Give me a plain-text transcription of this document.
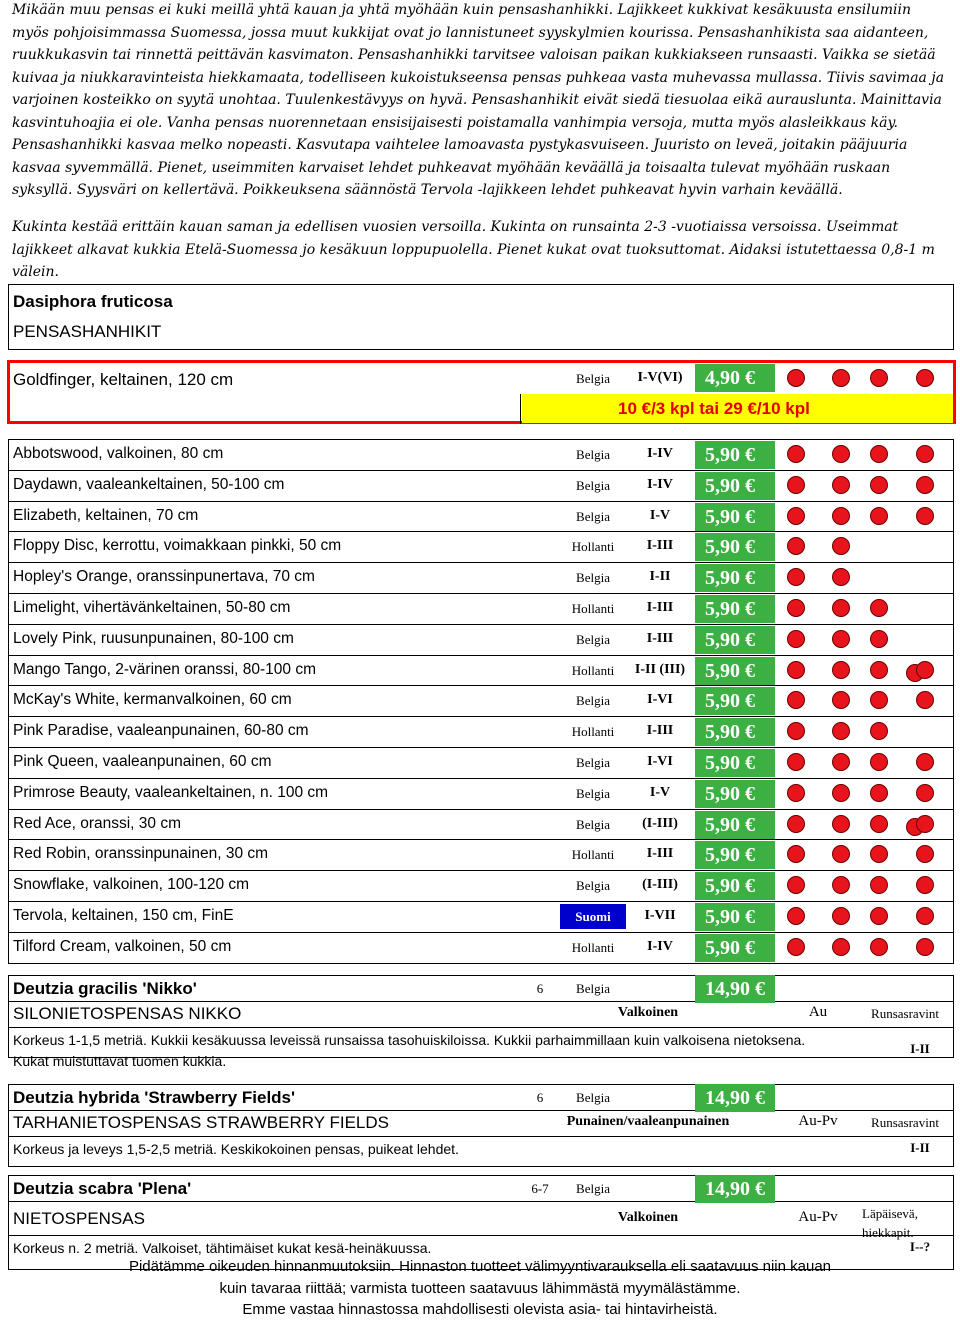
Mikään muu pensas ei kuki meillä yhtä kauan ja yhtä myöhään kuin pensashanhikki. Lajikkeet kukkivat kesäkuusta ensilumiin myös pohjoisimmassa Suomessa, jossa muut kukkijat ovat jo lannistuneet syyskylmien kourissa. Pensashanhikista saa aidanteen, ruukkukasvin tai rinnettä peittävän kasvimaton. Pensashanhikki tarvitsee valoisan paikan kukkiakseen runsaasti. Vaikka se sietää kuivaa ja niukkaravinteista hiekkamaata, todelliseen kukoistukseensa pensas puhkeaa vasta muhevassa mullassa. Tiivis savimaa ja varjoinen kosteikko on syytä unohtaa. Tuulenkestävyys on hyvä. Pensashanhikit eivät siedä tiesuolaa eikä aurauslunta. Mainittavia kasvintuhoajia ei ole. Vanha pensas nuorennetaan ensisijaisesti poistamalla vanhimpia versoja, mutta myös alasleikkaus käy. Pensashanhikki kasvaa melko nopeasti. Kasvutapa vaihtelee lamoavasta pystykasvuiseen. Juuristo on leveä, joitakin pääjuuria kasvaa syvemmällä. Pienet, useimmiten karvaiset lehdet puhkeavat myöhään keväällä ja toisaalta tulevat myöhään ruskaan syksyllä. Syysväri on kellertävä. Poikkeuksena säännöstä Tervola -lajikkeen lehdet puhkeavat hyvin varhain keväällä.
Kukinta kestää erittäin kauan saman ja edellisen vuosien versoilla. Kukinta on runsainta 2-3 -vuotiaissa versoissa. Useimmat lajikkeet alkavat kukkia Etelä-Suomessa jo kesäkuun loppupuolella. Pienet kukat ovat tuoksuttomat. Aidaksi istutettaessa 0,8-1 m välein.
Dasiphora fruticosa
PENSASHANHIKIT
Goldfinger, keltainen, 120 cm	Belgia	I-V(VI)	4,90 €
10 €/3 kpl tai 29 €/10 kpl
Abbotswood, valkoinen, 80 cm	Belgia	I-IV	5,90 €
Daydawn, vaaleankeltainen, 50-100 cm	Belgia	I-IV	5,90 €
Elizabeth, keltainen, 70 cm	Belgia	I-V	5,90 €
Floppy Disc, kerrottu, voimakkaan pinkki, 50 cm	Hollanti	I-III	5,90 €
Hopley's Orange, oranssinpunertava, 70 cm	Belgia	I-II	5,90 €
Limelight, vihertävänkeltainen, 50-80 cm	Hollanti	I-III	5,90 €
Lovely Pink, ruusunpunainen, 80-100 cm	Belgia	I-III	5,90 €
Mango Tango, 2-värinen oranssi, 80-100 cm	Hollanti	I-II (III) 5,90 €
McKay's White, kermanvalkoinen, 60 cm	Belgia	I-VI	5,90 €
Pink Paradise, vaaleanpunainen, 60-80 cm	Hollanti	I-III	5,90 €
Pink Queen, vaaleanpunainen, 60 cm	Belgia	I-VI	5,90 €
Primrose Beauty, vaaleankeltainen, n. 100 cm	Belgia	I-V	5,90 €
Red Ace, oranssi, 30 cm	Belgia	(I-III)	5,90 €
Red Robin, oranssinpunainen, 30 cm	Hollanti	I-III	5,90 €
Snowflake, valkoinen, 100-120 cm	Belgia	(I-III)	5,90 €
Tervola, keltainen, 150 cm, FinE	Suomi	I-VII	5,90 €
Tilford Cream, valkoinen, 50 cm	Hollanti	I-IV	5,90 €
Deutzia gracilis 'Nikko'	6	Belgia	14,90 €
SILONIETOSPENSAS NIKKO	Valkoinen	Au	Runsasravint
Korkeus 1-1,5 metriä. Kukkii kesäkuussa leveissä runsaissa tasohuiskiloissa. Kukkii parhaimmillaan kuin valkoisena nietoksena. Kukat muistuttavat tuomen kukkia.
I-II
Deutzia hybrida 'Strawberry Fields'	6	Belgia	14,90 €
TARHANIETOSPENSAS STRAWBERRY FIELDS	Punainen/vaaleanpunainen	Au-Pv	Runsasravint
Korkeus ja leveys 1,5-2,5 metriä. Keskikokoinen pensas, puikeat lehdet.	I-II
Deutzia scabra 'Plena'	6-7	Belgia	14,90 €
NIETOSPENSAS	Valkoinen	Au-Pv	Läpäisevä, hiekkapit.
Korkeus n. 2 metriä. Valkoiset, tähtimäiset kukat kesä-heinäkuussa.	I--?
Pidätämme oikeuden hinnanmuutoksiin. Hinnaston tuotteet välimyyntivarauksella eli saatavuus niin kauan
kuin tavaraa riittää; varmista tuotteen saatavuus lähimmästä myymälästämme.
Emme vastaa hinnastossa mahdollisesti olevista asia- tai hintavirheistä.
